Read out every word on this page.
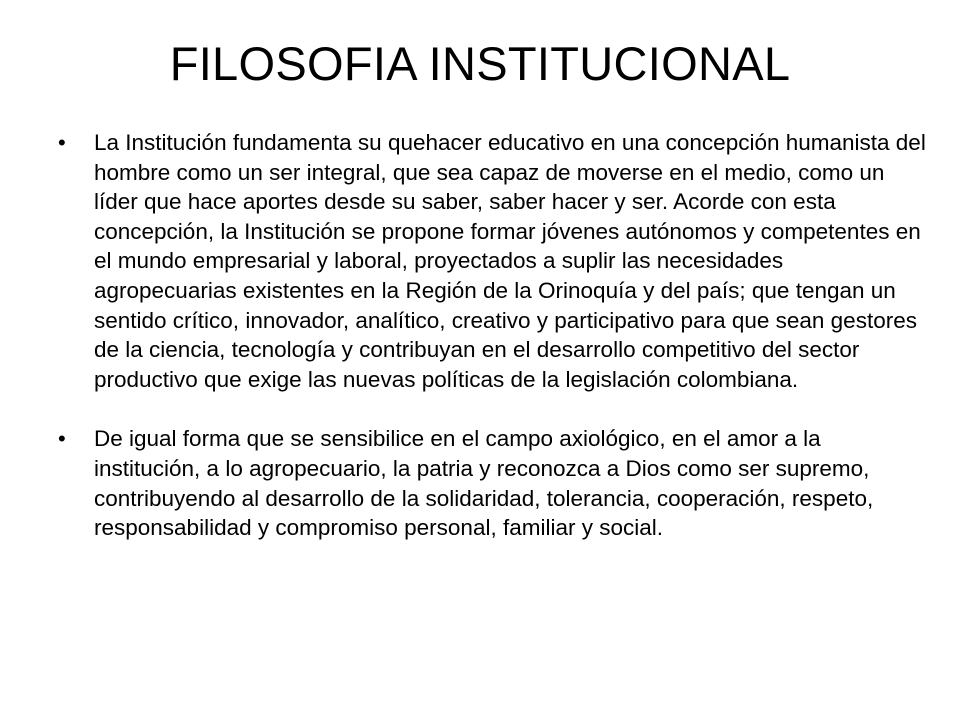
FILOSOFIA INSTITUCIONAL
• La Institución fundamenta su quehacer educativo en una concepción humanista del hombre como un ser integral, que sea capaz de moverse en el medio, como un líder que hace aportes desde su saber, saber hacer y ser. Acorde con esta concepción, la Institución se propone formar jóvenes autónomos y competentes en el mundo empresarial y laboral, proyectados a suplir las necesidades agropecuarias existentes en la Región de la Orinoquía y del país; que tengan un sentido crítico, innovador, analítico, creativo y participativo para que sean gestores de la ciencia, tecnología y contribuyan en el desarrollo competitivo del sector productivo que exige las nuevas políticas de la legislación colombiana.
• De igual forma que se sensibilice en el campo axiológico, en el amor a la institución, a lo agropecuario, la patria y reconozca a Dios como ser supremo, contribuyendo al desarrollo de la solidaridad, tolerancia, cooperación, respeto, responsabilidad y compromiso personal, familiar y social.
